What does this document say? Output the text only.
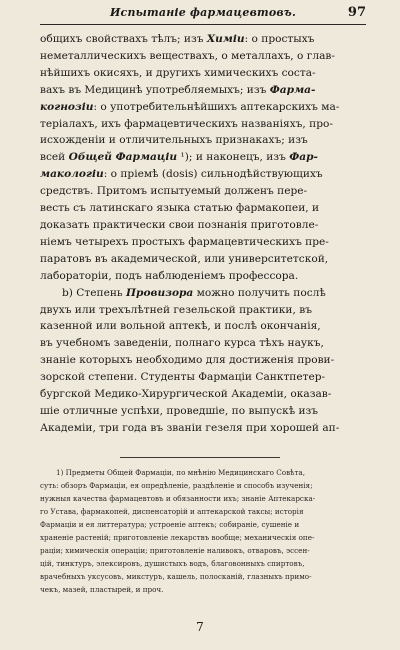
Испытаніе фармацевтовъ.	97
общихъ свойствахъ тѣлъ; изъ Химіи: о простыхъ
неметаллическихъ веществахъ, о металлахъ, о глав-
нѣйшихъ окисяхъ, и другихъ химическихъ соста-
вахъ въ Медицинѣ употребляемыхъ; изъ Фарма-
когнозіи: о употребительнѣйшихъ аптекарскихъ ма-
теріалахъ, ихъ фармацевтическихъ названіяхъ, про-
исхожденіи и отличительныхъ признакахъ; изъ
всей Общей Фармаціи ¹); и наконецъ, изъ Фар-
макологіи: о пріемѣ (dosis) сильнодѣйствующихъ
средствъ. Притомъ испытуемый долженъ пере-
весть съ латинскаго языка статью фармакопеи, и
доказать практически свои познанія приготовле-
ніемъ четырехъ простыхъ фармацевтическихъ пре-
паратовъ въ академической, или университетской,
лабораторіи, подъ наблюденіемъ профессора.
b) Степень Провизора можно получить послѣ
двухъ или трехълѣтней гезельской практики, въ
казенной или вольной аптекѣ, и послѣ окончанія,
въ учебномъ заведеніи, полнаго курса тѣхъ наукъ,
знаніе которыхъ необходимо для достиженія прови-
зорской степени. Студенты Фармаціи Санктпетер-
бургской Медико-Хирургической Академіи, оказав-
шіе отличные успѣхи, проведшіе, по выпускѣ изъ
Академіи, три года въ званіи гезеля при хорошей ап-
1) Предметы Общей Фармаціи, по мнѣнію Медицинскаго Совѣта,
суть: обзоръ Фармаціи, ея опредѣленіе, раздѣленіе и способъ изученія;
нужныя качества фармацевтовъ и обязанности ихъ; знаніе Аптекарска-
го Устава, фармакопей, диспенсаторій и аптекарской таксы; исторія
Фармаціи и ея литтература; устроеніе аптекъ; собираніе, сушеніе и
храненіе растеній; приготовленіе лекарствъ вообще; механическія опе-
раціи; химическія операціи; приготовленіе наливокъ, отваровъ, эссен-
цій, тинктуръ, элексировъ, душистыхъ водъ, благовонныхъ спиртовъ,
врачебныхъ уксусовъ, микстуръ, кашель, полосканій, глазныхъ примо-
чекъ, мазей, пластырей, и проч.
7
